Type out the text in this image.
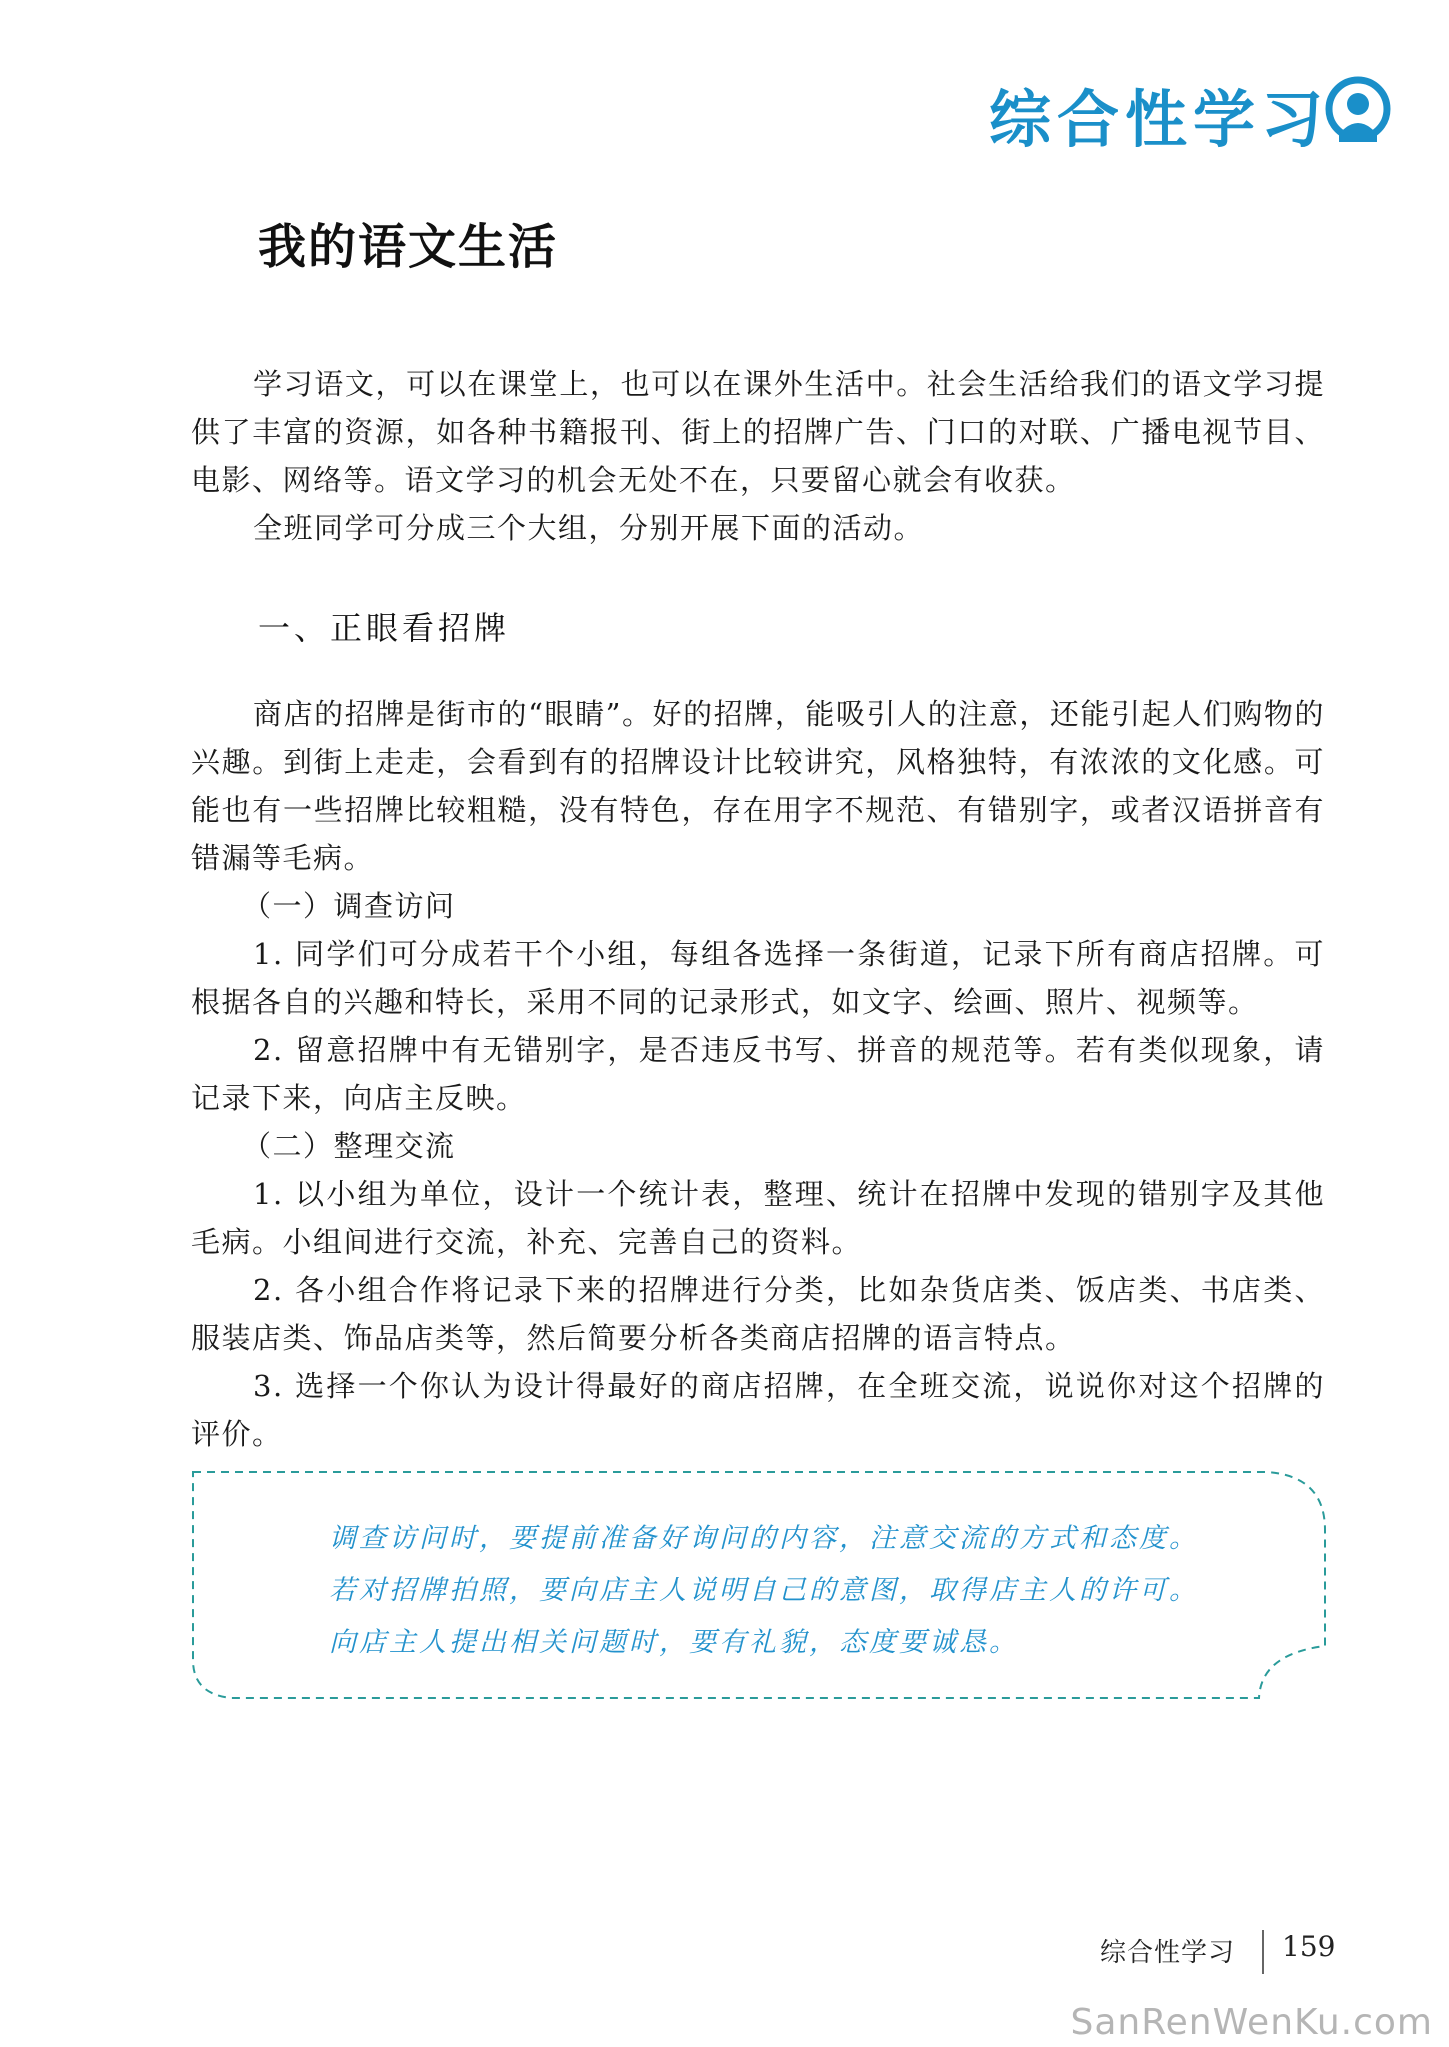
综合性学习
我的语文生活

学习语文，可以在课堂上，也可以在课外生活中。社会生活给我们的语文学习提供了丰富的资源，如各种书籍报刊、街上的招牌广告、门口的对联、广播电视节目、电影、网络等。语文学习的机会无处不在，只要留心就会有收获。

全班同学可分成三个大组，分别开展下面的活动。

一、正眼看招牌

商店的招牌是街市的“眼睛”。好的招牌，能吸引人的注意，还能引起人们购物的兴趣。到街上走走，会看到有的招牌设计比较讲究，风格独特，有浓浓的文化感。可能也有一些招牌比较粗糙，没有特色，存在用字不规范、有错别字，或者汉语拼音有错漏等毛病。

（一）调查访问

1. 同学们可分成若干个小组，每组各选择一条街道，记录下所有商店招牌。可根据各自的兴趣和特长，采用不同的记录形式，如文字、绘画、照片、视频等。

2. 留意招牌中有无错别字，是否违反书写、拼音的规范等。若有类似现象，请记录下来，向店主反映。

（二）整理交流

1. 以小组为单位，设计一个统计表，整理、统计在招牌中发现的错别字及其他毛病。小组间进行交流，补充、完善自己的资料。

2. 各小组合作将记录下来的招牌进行分类，比如杂货店类、饭店类、书店类、服装店类、饰品店类等，然后简要分析各类商店招牌的语言特点。

3. 选择一个你认为设计得最好的商店招牌，在全班交流，说说你对这个招牌的评价。

调查访问时，要提前准备好询问的内容，注意交流的方式和态度。
若对招牌拍照，要向店主人说明自己的意图，取得店主人的许可。
向店主人提出相关问题时，要有礼貌，态度要诚恳。
综合性学习 159
SanRenWenKu.com
